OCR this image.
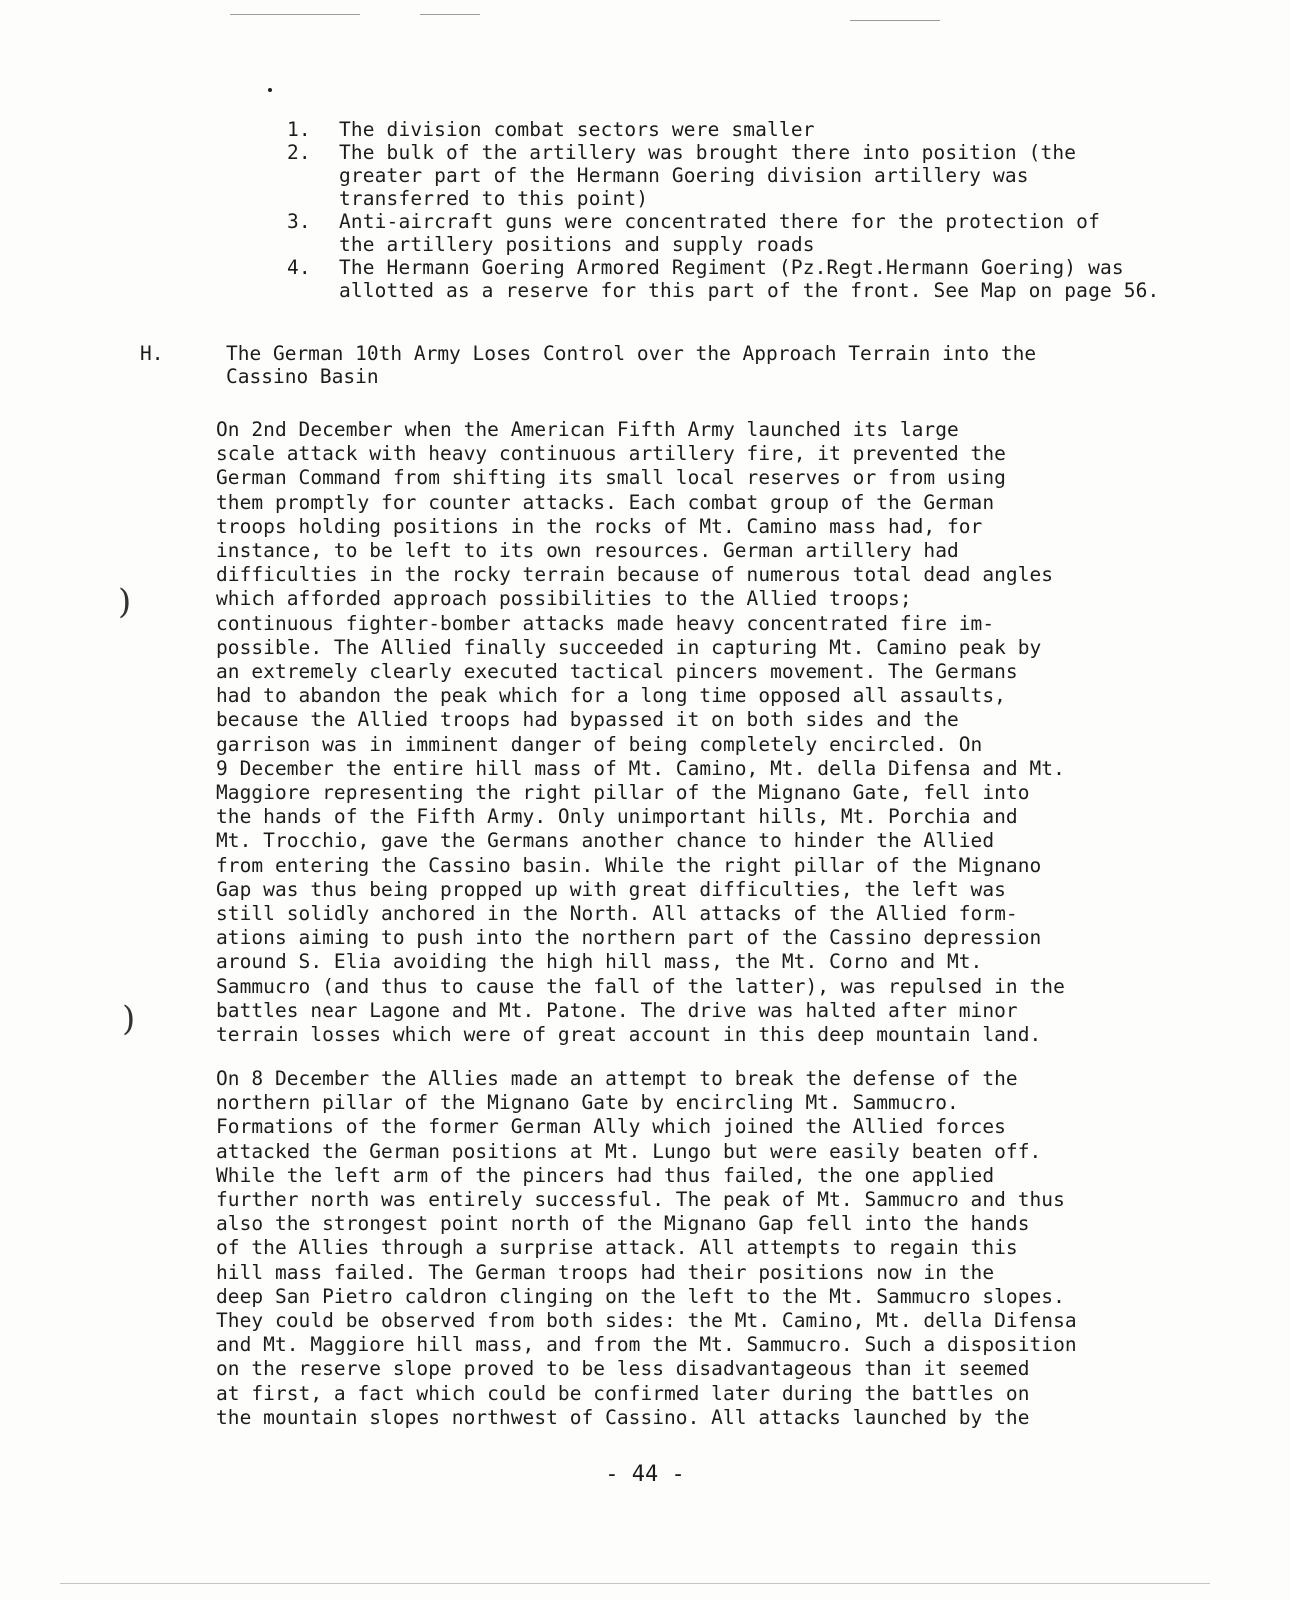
)
)
1.	The division combat sectors were smaller
2.	The bulk of the artillery was brought there into position (the
greater part of the Hermann Goering division artillery was
transferred to this point)
3.	Anti-aircraft guns were concentrated there for the protection of
the artillery positions and supply roads
4.	The Hermann Goering Armored Regiment (Pz.Regt.Hermann Goering) was
allotted as a reserve for this part of the front. See Map on page 56.
H.	The German 10th Army Loses Control over the Approach Terrain into the
Cassino Basin
On 2nd December when the American Fifth Army launched its large
scale attack with heavy continuous artillery fire, it prevented the
German Command from shifting its small local reserves or from using
them promptly for counter attacks. Each combat group of the German
troops holding positions in the rocks of Mt. Camino mass had, for
instance, to be left to its own resources. German artillery had
difficulties in the rocky terrain because of numerous total dead angles
which afforded approach possibilities to the Allied troops;
continuous fighter-bomber attacks made heavy concentrated fire im-
possible. The Allied finally succeeded in capturing Mt. Camino peak by
an extremely clearly executed tactical pincers movement. The Germans
had to abandon the peak which for a long time opposed all assaults,
because the Allied troops had bypassed it on both sides and the
garrison was in imminent danger of being completely encircled. On
9 December the entire hill mass of Mt. Camino, Mt. della Difensa and Mt.
Maggiore representing the right pillar of the Mignano Gate, fell into
the hands of the Fifth Army. Only unimportant hills, Mt. Porchia and
Mt. Trocchio, gave the Germans another chance to hinder the Allied
from entering the Cassino basin. While the right pillar of the Mignano
Gap was thus being propped up with great difficulties, the left was
still solidly anchored in the North. All attacks of the Allied form-
ations aiming to push into the northern part of the Cassino depression
around S. Elia avoiding the high hill mass, the Mt. Corno and Mt.
Sammucro (and thus to cause the fall of the latter), was repulsed in the
battles near Lagone and Mt. Patone. The drive was halted after minor
terrain losses which were of great account in this deep mountain land.
On 8 December the Allies made an attempt to break the defense of the
northern pillar of the Mignano Gate by encircling Mt. Sammucro.
Formations of the former German Ally which joined the Allied forces
attacked the German positions at Mt. Lungo but were easily beaten off.
While the left arm of the pincers had thus failed, the one applied
further north was entirely successful. The peak of Mt. Sammucro and thus
also the strongest point north of the Mignano Gap fell into the hands
of the Allies through a surprise attack. All attempts to regain this
hill mass failed. The German troops had their positions now in the
deep San Pietro caldron clinging on the left to the Mt. Sammucro slopes.
They could be observed from both sides: the Mt. Camino, Mt. della Difensa
and Mt. Maggiore hill mass, and from the Mt. Sammucro. Such a disposition
on the reserve slope proved to be less disadvantageous than it seemed
at first, a fact which could be confirmed later during the battles on
the mountain slopes northwest of Cassino. All attacks launched by the
- 44 -
